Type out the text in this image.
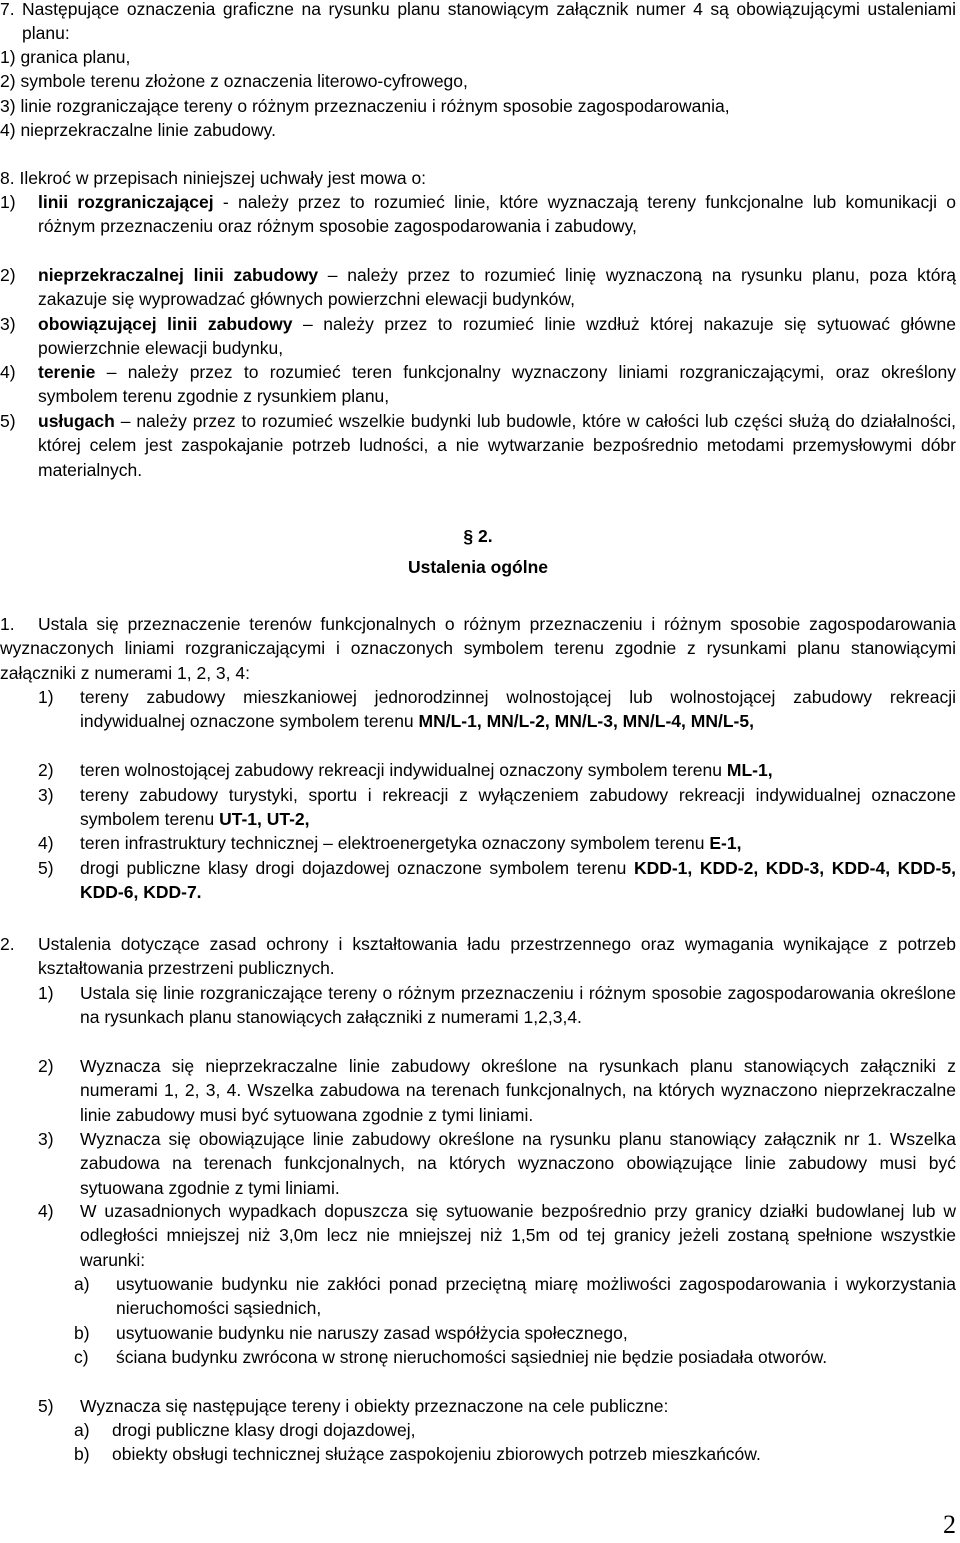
7. Następujące oznaczenia graficzne na rysunku planu stanowiącym załącznik numer 4 są obowiązującymi ustaleniami planu:
1) granica planu,
2) symbole terenu złożone z oznaczenia literowo-cyfrowego,
3) linie rozgraniczające tereny o różnym przeznaczeniu i różnym sposobie zagospodarowania,
4) nieprzekraczalne linie zabudowy.
8. Ilekroć w przepisach niniejszej uchwały jest mowa o:
1) linii rozgraniczającej - należy przez to rozumieć linie, które wyznaczają tereny funkcjonalne lub komunikacji o różnym przeznaczeniu oraz różnym sposobie zagospodarowania i zabudowy,
2) nieprzekraczalnej linii zabudowy – należy przez to rozumieć linię wyznaczoną na rysunku planu, poza którą zakazuje się wyprowadzać głównych powierzchni elewacji budynków,
3) obowiązującej linii zabudowy – należy przez to rozumieć linie wzdłuż której nakazuje się sytuować główne powierzchnie elewacji budynku,
4) terenie – należy przez to rozumieć teren funkcjonalny wyznaczony liniami rozgraniczającymi, oraz określony symbolem terenu zgodnie z rysunkiem planu,
5) usługach – należy przez to rozumieć wszelkie budynki lub budowle, które w całości lub części służą do działalności, której celem jest zaspokajanie potrzeb ludności, a nie wytwarzanie bezpośrednio metodami przemysłowymi dóbr materialnych.
§ 2.
Ustalenia ogólne
1.	Ustala się przeznaczenie terenów funkcjonalnych o różnym przeznaczeniu i różnym sposobie zagospodarowania wyznaczonych liniami rozgraniczającymi i oznaczonych symbolem terenu zgodnie z rysunkami planu stanowiącymi załączniki z numerami 1, 2, 3, 4:
1) tereny zabudowy mieszkaniowej jednorodzinnej wolnostojącej lub wolnostojącej zabudowy rekreacji indywidualnej oznaczone symbolem terenu MN/L-1, MN/L-2, MN/L-3, MN/L-4, MN/L-5,
2) teren wolnostojącej zabudowy rekreacji indywidualnej oznaczony symbolem terenu ML-1,
3) tereny zabudowy turystyki, sportu i rekreacji z wyłączeniem zabudowy rekreacji indywidualnej oznaczone symbolem terenu UT-1, UT-2,
4) teren infrastruktury technicznej – elektroenergetyka oznaczony symbolem terenu E-1,
5) drogi publiczne klasy drogi dojazdowej oznaczone symbolem terenu KDD-1, KDD-2, KDD-3, KDD-4, KDD-5, KDD-6, KDD-7.
2. Ustalenia dotyczące zasad ochrony i kształtowania ładu przestrzennego oraz wymagania wynikające z potrzeb kształtowania przestrzeni publicznych.
1) Ustala się linie rozgraniczające tereny o różnym przeznaczeniu i różnym sposobie zagospodarowania określone na rysunkach planu stanowiących załączniki z numerami 1,2,3,4.
2) Wyznacza się nieprzekraczalne linie zabudowy określone na rysunkach planu stanowiących załączniki z numerami 1, 2, 3, 4. Wszelka zabudowa na terenach funkcjonalnych, na których wyznaczono nieprzekraczalne linie zabudowy musi być sytuowana zgodnie z tymi liniami.
3) Wyznacza się obowiązujące linie zabudowy określone na rysunku planu stanowiący załącznik nr 1. Wszelka zabudowa na terenach funkcjonalnych, na których wyznaczono obowiązujące linie zabudowy musi być sytuowana zgodnie z tymi liniami.
4) W uzasadnionych wypadkach dopuszcza się sytuowanie bezpośrednio przy granicy działki budowlanej lub w odległości mniejszej niż 3,0m lecz nie mniejszej niż 1,5m od tej granicy jeżeli zostaną spełnione wszystkie warunki:
a) usytuowanie budynku nie zakłóci ponad przeciętną miarę możliwości zagospodarowania i wykorzystania nieruchomości sąsiednich,
b) usytuowanie budynku nie naruszy zasad współżycia społecznego,
c) ściana budynku zwrócona w stronę nieruchomości sąsiedniej nie będzie posiadała otworów.
5) Wyznacza się następujące tereny i obiekty przeznaczone na cele publiczne:
a) drogi publiczne klasy drogi dojazdowej,
b) obiekty obsługi technicznej służące zaspokojeniu zbiorowych potrzeb mieszkańców.
2
